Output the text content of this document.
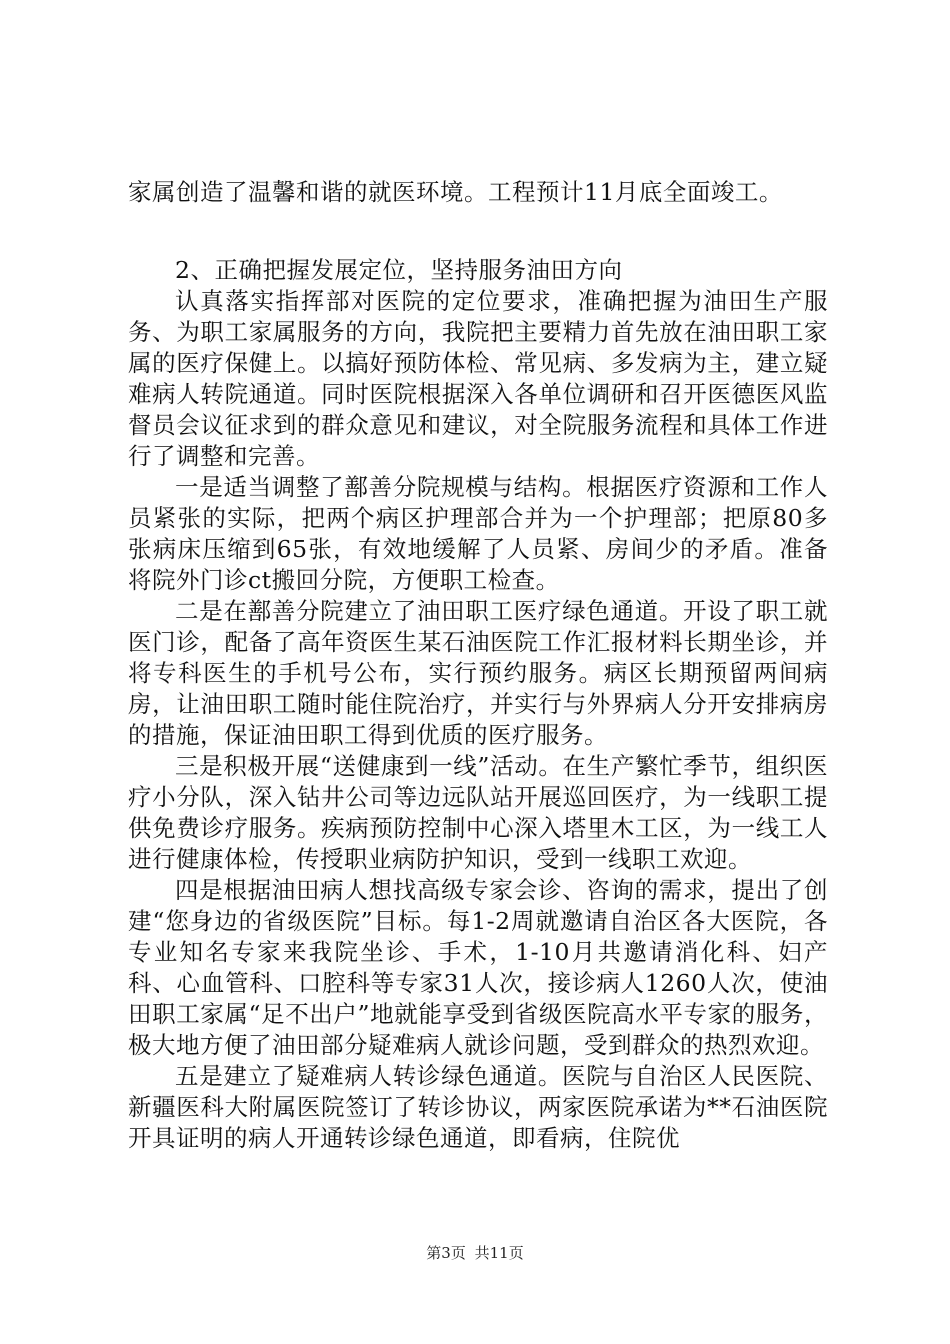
家属创造了温馨和谐的就医环境。工程预计11月底全面竣工。

2、正确把握发展定位，坚持服务油田方向

认真落实指挥部对医院的定位要求，准确把握为油田生产服务、为职工家属服务的方向，我院把主要精力首先放在油田职工家属的医疗保健上。以搞好预防体检、常见病、多发病为主，建立疑难病人转院通道。同时医院根据深入各单位调研和召开医德医风监督员会议征求到的群众意见和建议，对全院服务流程和具体工作进行了调整和完善。

一是适当调整了鄯善分院规模与结构。根据医疗资源和工作人员紧张的实际，把两个病区护理部合并为一个护理部；把原80多张病床压缩到65张，有效地缓解了人员紧、房间少的矛盾。准备将院外门诊ct搬回分院，方便职工检查。

二是在鄯善分院建立了油田职工医疗绿色通道。开设了职工就医门诊，配备了高年资医生某石油医院工作汇报材料长期坐诊，并将专科医生的手机号公布，实行预约服务。病区长期预留两间病房，让油田职工随时能住院治疗，并实行与外界病人分开安排病房的措施，保证油田职工得到优质的医疗服务。

三是积极开展“送健康到一线”活动。在生产繁忙季节，组织医疗小分队，深入钻井公司等边远队站开展巡回医疗，为一线职工提供免费诊疗服务。疾病预防控制中心深入塔里木工区，为一线工人进行健康体检，传授职业病防护知识，受到一线职工欢迎。

四是根据油田病人想找高级专家会诊、咨询的需求，提出了创建“您身边的省级医院”目标。每1-2周就邀请自治区各大医院，各专业知名专家来我院坐诊、手术，1-10月共邀请消化科、妇产科、心血管科、口腔科等专家31人次，接诊病人1260人次，使油田职工家属“足不出户”地就能享受到省级医院高水平专家的服务，极大地方便了油田部分疑难病人就诊问题，受到群众的热烈欢迎。

五是建立了疑难病人转诊绿色通道。医院与自治区人民医院、新疆医科大附属医院签订了转诊协议，两家医院承诺为**石油医院开具证明的病人开通转诊绿色通道，即看病，住院优

第3页 共11页
